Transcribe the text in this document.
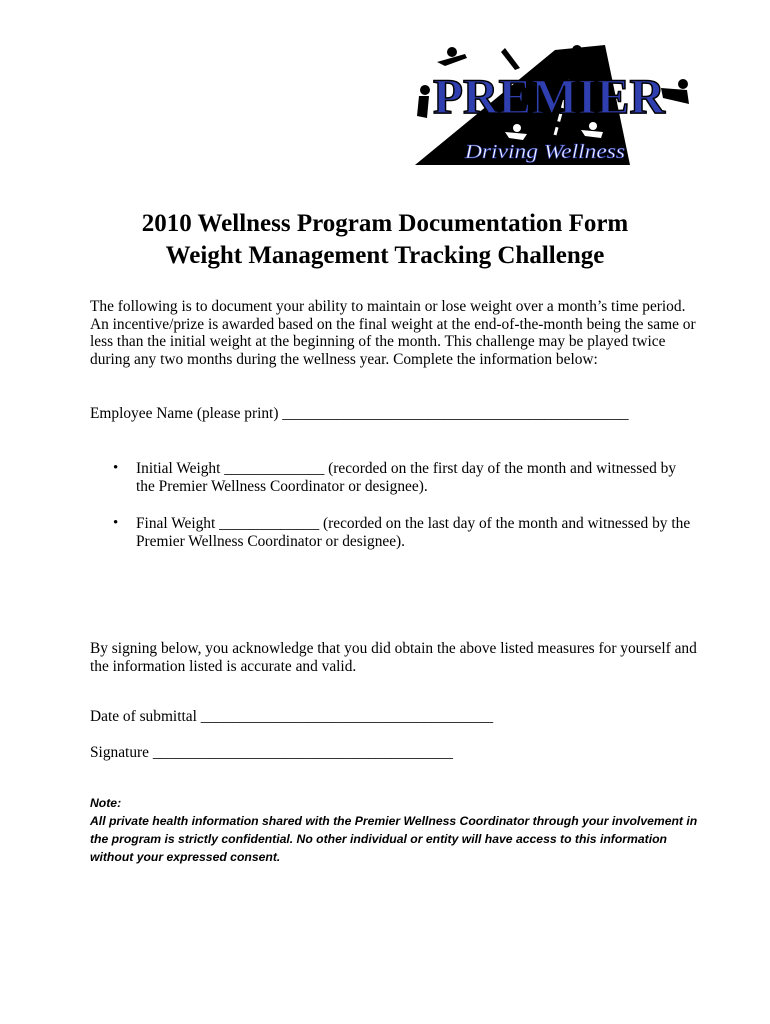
PREMIER
Driving Wellness
2010 Wellness Program Documentation Form
Weight Management Tracking Challenge
The following is to document your ability to maintain or lose weight over a month’s time period. An incentive/prize is awarded based on the final weight at the end-of-the-month being the same or less than the initial weight at the beginning of the month. This challenge may be played twice during any two months during the wellness year. Complete the information below:
Employee Name (please print) _____________________________________________
•	Initial Weight _____________ (recorded on the first day of the month and witnessed by the Premier Wellness Coordinator or designee).
•	Final Weight _____________ (recorded on the last day of the month and witnessed by the Premier Wellness Coordinator or designee).
By signing below, you acknowledge that you did obtain the above listed measures for yourself and the information listed is accurate and valid.
Date of submittal ______________________________________
Signature _______________________________________
Note:
All private health information shared with the Premier Wellness Coordinator through your involvement in the program is strictly confidential. No other individual or entity will have access to this information without your expressed consent.
